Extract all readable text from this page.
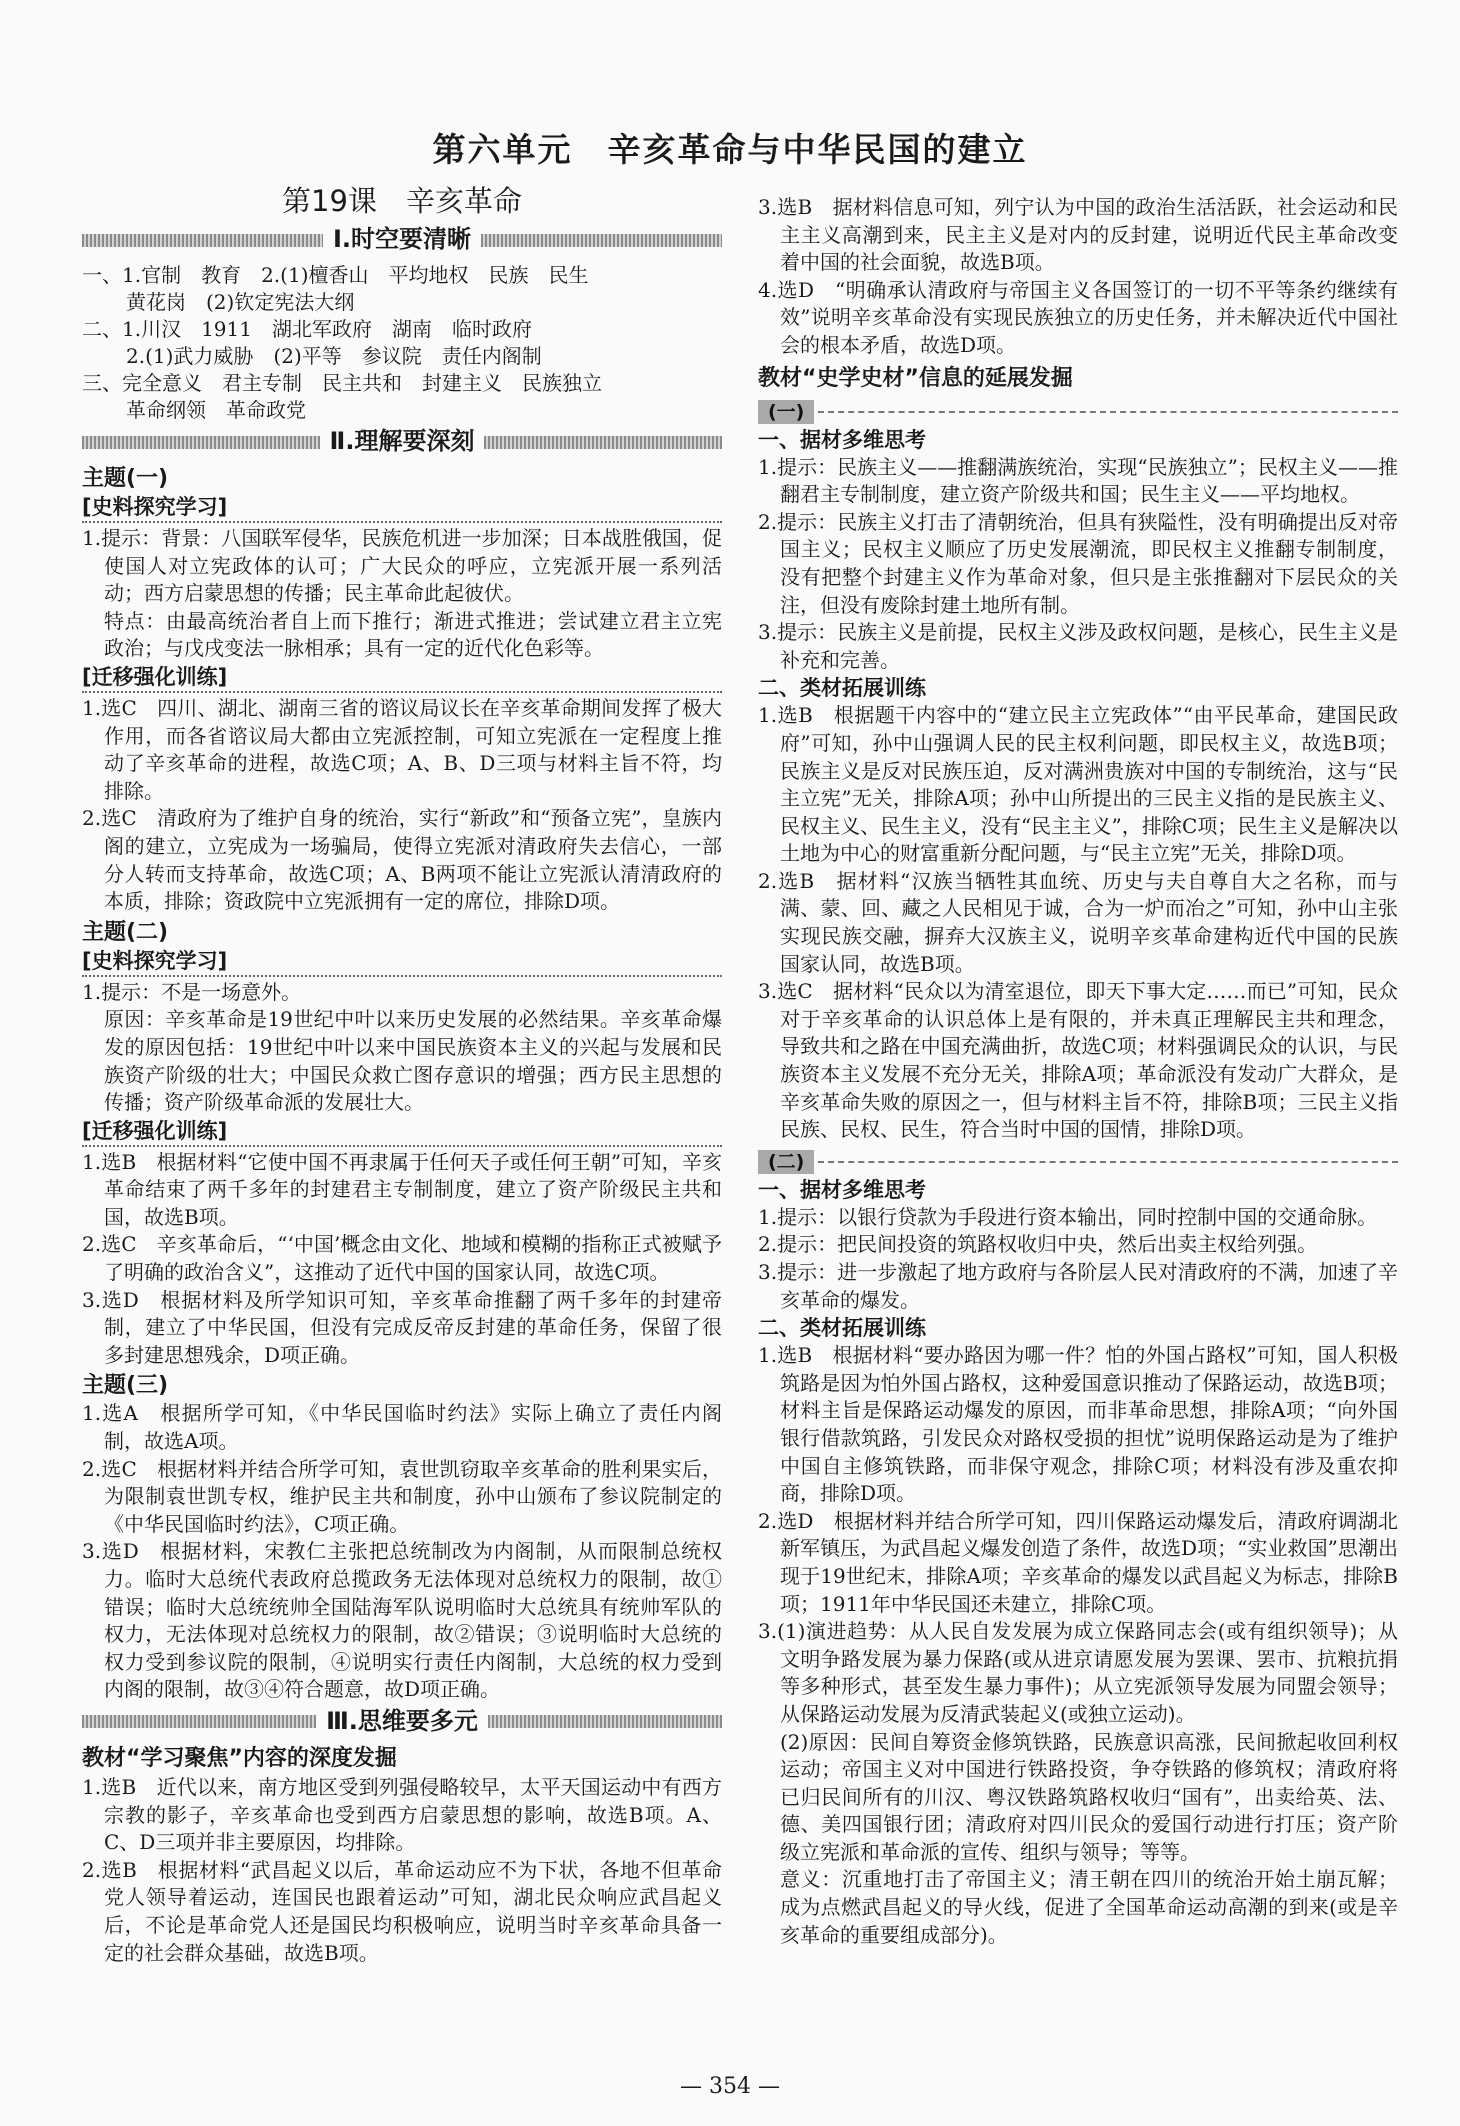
第六单元　辛亥革命与中华民国的建立
第19课　辛亥革命
Ⅰ.时空要清晰

一、1.官制　教育　2.(1)檀香山　平均地权　民族　民生

黄花岗　(2)钦定宪法大纲

二、1.川汉　1911　湖北军政府　湖南　临时政府

2.(1)武力威胁　(2)平等　参议院　责任内阁制

三、完全意义　君主专制　民主共和　封建主义　民族独立

革命纲领　革命政党

Ⅱ.理解要深刻
主题(一)
[史料探究学习]

1.提示：背景：八国联军侵华，民族危机进一步加深；日本战胜俄国，促使国人对立宪政体的认可；广大民众的呼应，立宪派开展一系列活动；西方启蒙思想的传播；民主革命此起彼伏。

特点：由最高统治者自上而下推行；渐进式推进；尝试建立君主立宪政治；与戊戌变法一脉相承；具有一定的近代化色彩等。

[迁移强化训练]

1.选C　四川、湖北、湖南三省的谘议局议长在辛亥革命期间发挥了极大作用，而各省谘议局大都由立宪派控制，可知立宪派在一定程度上推动了辛亥革命的进程，故选C项；A、B、D三项与材料主旨不符，均排除。

2.选C　清政府为了维护自身的统治，实行“新政”和“预备立宪”，皇族内阁的建立，立宪成为一场骗局，使得立宪派对清政府失去信心，一部分人转而支持革命，故选C项；A、B两项不能让立宪派认清清政府的本质，排除；资政院中立宪派拥有一定的席位，排除D项。

主题(二)
[史料探究学习]

1.提示：不是一场意外。

原因：辛亥革命是19世纪中叶以来历史发展的必然结果。辛亥革命爆发的原因包括：19世纪中叶以来中国民族资本主义的兴起与发展和民族资产阶级的壮大；中国民众救亡图存意识的增强；西方民主思想的传播；资产阶级革命派的发展壮大。

[迁移强化训练]

1.选B　根据材料“它使中国不再隶属于任何天子或任何王朝”可知，辛亥革命结束了两千多年的封建君主专制制度，建立了资产阶级民主共和国，故选B项。

2.选C　辛亥革命后，“‘中国’概念由文化、地域和模糊的指称正式被赋予了明确的政治含义”，这推动了近代中国的国家认同，故选C项。

3.选D　根据材料及所学知识可知，辛亥革命推翻了两千多年的封建帝制，建立了中华民国，但没有完成反帝反封建的革命任务，保留了很多封建思想残余，D项正确。

主题(三)

1.选A　根据所学可知，《中华民国临时约法》实际上确立了责任内阁制，故选A项。

2.选C　根据材料并结合所学可知，袁世凯窃取辛亥革命的胜利果实后，为限制袁世凯专权，维护民主共和制度，孙中山颁布了参议院制定的《中华民国临时约法》，C项正确。

3.选D　根据材料，宋教仁主张把总统制改为内阁制，从而限制总统权力。临时大总统代表政府总揽政务无法体现对总统权力的限制，故①错误；临时大总统统帅全国陆海军队说明临时大总统具有统帅军队的权力，无法体现对总统权力的限制，故②错误；③说明临时大总统的权力受到参议院的限制，④说明实行责任内阁制，大总统的权力受到内阁的限制，故③④符合题意，故D项正确。

Ⅲ.思维要多元
教材“学习聚焦”内容的深度发掘

1.选B　近代以来，南方地区受到列强侵略较早，太平天国运动中有西方宗教的影子，辛亥革命也受到西方启蒙思想的影响，故选B项。A、C、D三项并非主要原因，均排除。

2.选B　根据材料“武昌起义以后，革命运动应不为下状，各地不但革命党人领导着运动，连国民也跟着运动”可知，湖北民众响应武昌起义后，不论是革命党人还是国民均积极响应，说明当时辛亥革命具备一定的社会群众基础，故选B项。

3.选B　据材料信息可知，列宁认为中国的政治生活活跃，社会运动和民主主义高潮到来，民主主义是对内的反封建，说明近代民主革命改变着中国的社会面貌，故选B项。

4.选D　“明确承认清政府与帝国主义各国签订的一切不平等条约继续有效”说明辛亥革命没有实现民族独立的历史任务，并未解决近代中国社会的根本矛盾，故选D项。

教材“史学史材”信息的延展发掘
(一)
一、据材多维思考

1.提示：民族主义——推翻满族统治，实现“民族独立”；民权主义——推翻君主专制制度，建立资产阶级共和国；民生主义——平均地权。

2.提示：民族主义打击了清朝统治，但具有狭隘性，没有明确提出反对帝国主义；民权主义顺应了历史发展潮流，即民权主义推翻专制制度，没有把整个封建主义作为革命对象，但只是主张推翻对下层民众的关注，但没有废除封建土地所有制。

3.提示：民族主义是前提，民权主义涉及政权问题，是核心，民生主义是补充和完善。

二、类材拓展训练

1.选B　根据题干内容中的“建立民主立宪政体”“由平民革命，建国民政府”可知，孙中山强调人民的民主权利问题，即民权主义，故选B项；民族主义是反对民族压迫，反对满洲贵族对中国的专制统治，这与“民主立宪”无关，排除A项；孙中山所提出的三民主义指的是民族主义、民权主义、民生主义，没有“民主主义”，排除C项；民生主义是解决以土地为中心的财富重新分配问题，与“民主立宪”无关，排除D项。

2.选B　据材料“汉族当牺牲其血统、历史与夫自尊自大之名称，而与满、蒙、回、藏之人民相见于诚，合为一炉而冶之”可知，孙中山主张实现民族交融，摒弃大汉族主义，说明辛亥革命建构近代中国的民族国家认同，故选B项。

3.选C　据材料“民众以为清室退位，即天下事大定……而已”可知，民众对于辛亥革命的认识总体上是有限的，并未真正理解民主共和理念，导致共和之路在中国充满曲折，故选C项；材料强调民众的认识，与民族资本主义发展不充分无关，排除A项；革命派没有发动广大群众，是辛亥革命失败的原因之一，但与材料主旨不符，排除B项；三民主义指民族、民权、民生，符合当时中国的国情，排除D项。

(二)
一、据材多维思考

1.提示：以银行贷款为手段进行资本输出，同时控制中国的交通命脉。

2.提示：把民间投资的筑路权收归中央，然后出卖主权给列强。

3.提示：进一步激起了地方政府与各阶层人民对清政府的不满，加速了辛亥革命的爆发。

二、类材拓展训练

1.选B　根据材料“要办路因为哪一件？怕的外国占路权”可知，国人积极筑路是因为怕外国占路权，这种爱国意识推动了保路运动，故选B项；材料主旨是保路运动爆发的原因，而非革命思想，排除A项；“向外国银行借款筑路，引发民众对路权受损的担忧”说明保路运动是为了维护中国自主修筑铁路，而非保守观念，排除C项；材料没有涉及重农抑商，排除D项。

2.选D　根据材料并结合所学可知，四川保路运动爆发后，清政府调湖北新军镇压，为武昌起义爆发创造了条件，故选D项；“实业救国”思潮出现于19世纪末，排除A项；辛亥革命的爆发以武昌起义为标志，排除B项；1911年中华民国还未建立，排除C项。

3.(1)演进趋势：从人民自发发展为成立保路同志会(或有组织领导)；从文明争路发展为暴力保路(或从进京请愿发展为罢课、罢市、抗粮抗捐等多种形式，甚至发生暴力事件)；从立宪派领导发展为同盟会领导；从保路运动发展为反清武装起义(或独立运动)。

(2)原因：民间自筹资金修筑铁路，民族意识高涨，民间掀起收回利权运动；帝国主义对中国进行铁路投资，争夺铁路的修筑权；清政府将已归民间所有的川汉、粤汉铁路筑路权收归“国有”，出卖给英、法、德、美四国银行团；清政府对四川民众的爱国行动进行打压；资产阶级立宪派和革命派的宣传、组织与领导；等等。

意义：沉重地打击了帝国主义；清王朝在四川的统治开始土崩瓦解；成为点燃武昌起义的导火线，促进了全国革命运动高潮的到来(或是辛亥革命的重要组成部分)。

— 354 —
